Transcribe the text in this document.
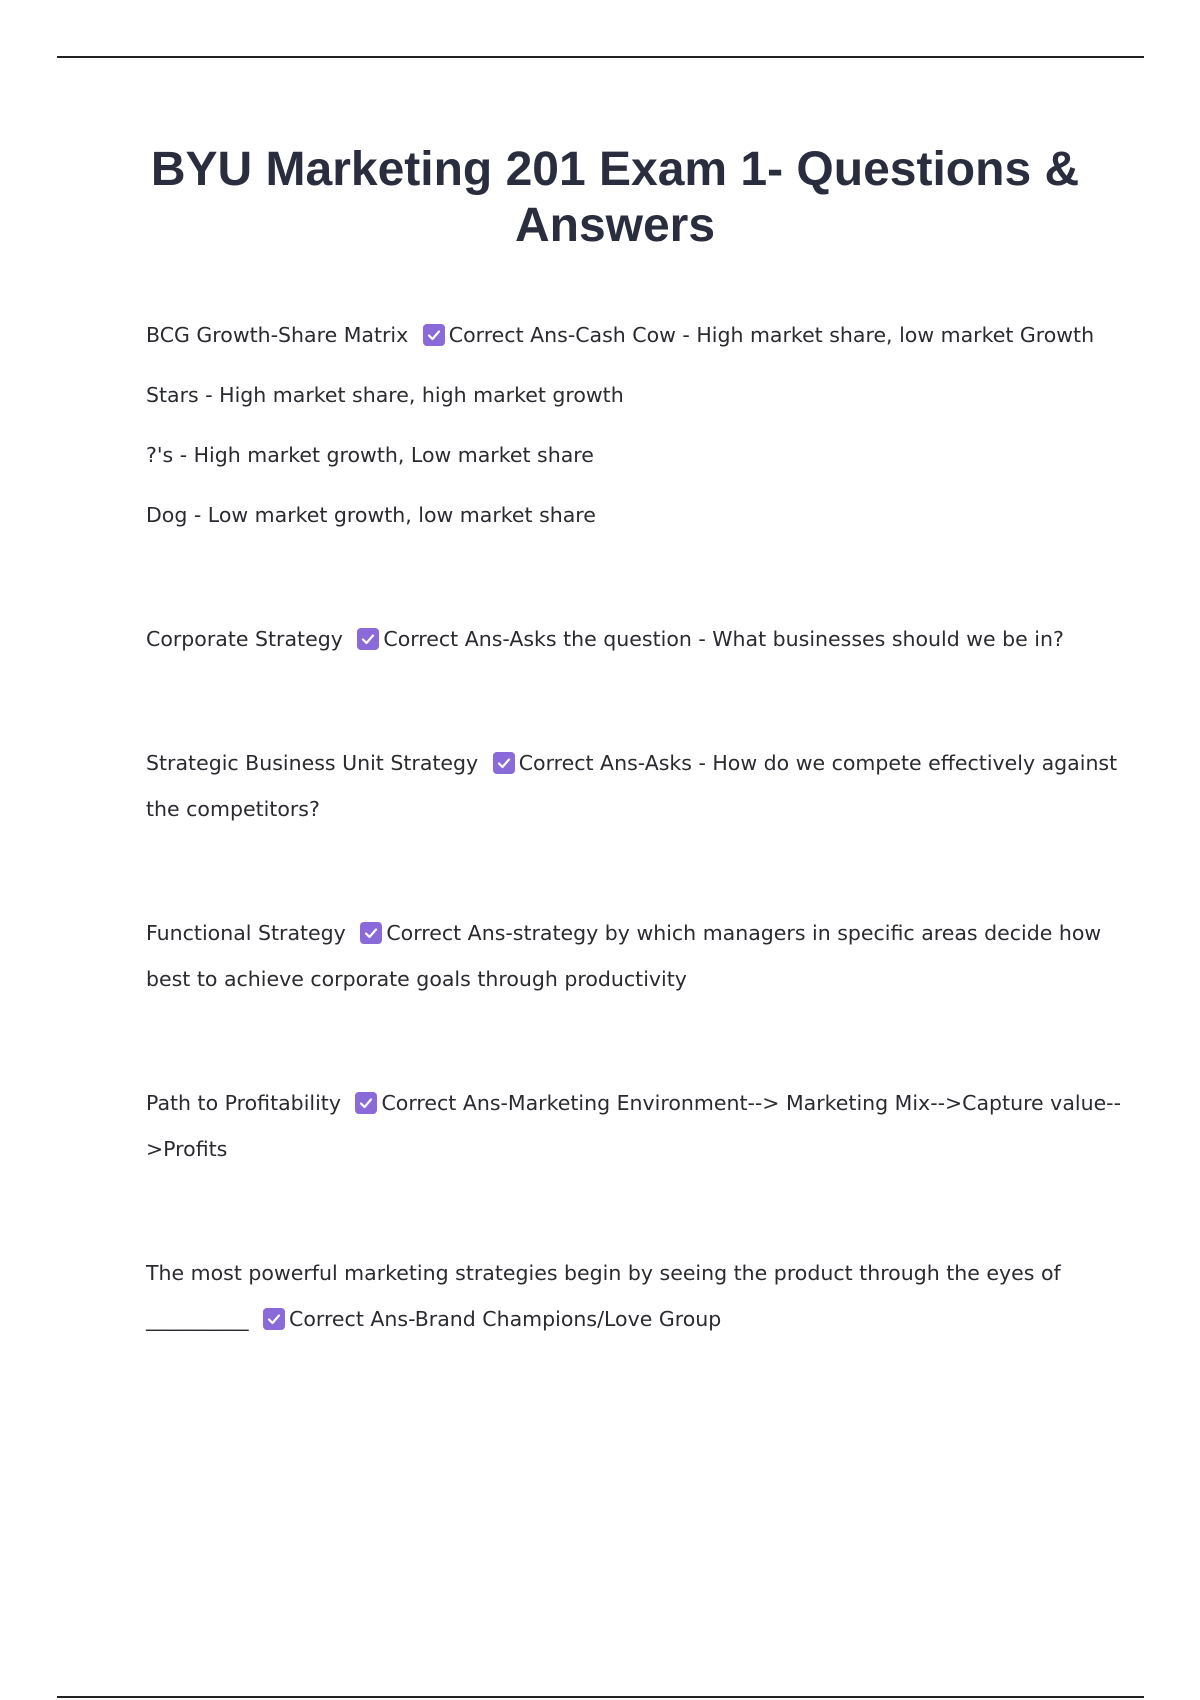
BYU Marketing 201 Exam 1- Questions & Answers
BCG Growth-Share Matrix Correct Ans-Cash Cow - High market share, low market Growth
Stars - High market share, high market growth
?'s - High market growth, Low market share
Dog - Low market growth, low market share
Corporate Strategy Correct Ans-Asks the question - What businesses should we be in?
Strategic Business Unit Strategy Correct Ans-Asks - How do we compete effectively against
the competitors?
Functional Strategy Correct Ans-strategy by which managers in specific areas decide how
best to achieve corporate goals through productivity
Path to Profitability Correct Ans-Marketing Environment--> Marketing Mix-->Capture value--
>Profits
The most powerful marketing strategies begin by seeing the product through the eyes of
__________ Correct Ans-Brand Champions/Love Group
